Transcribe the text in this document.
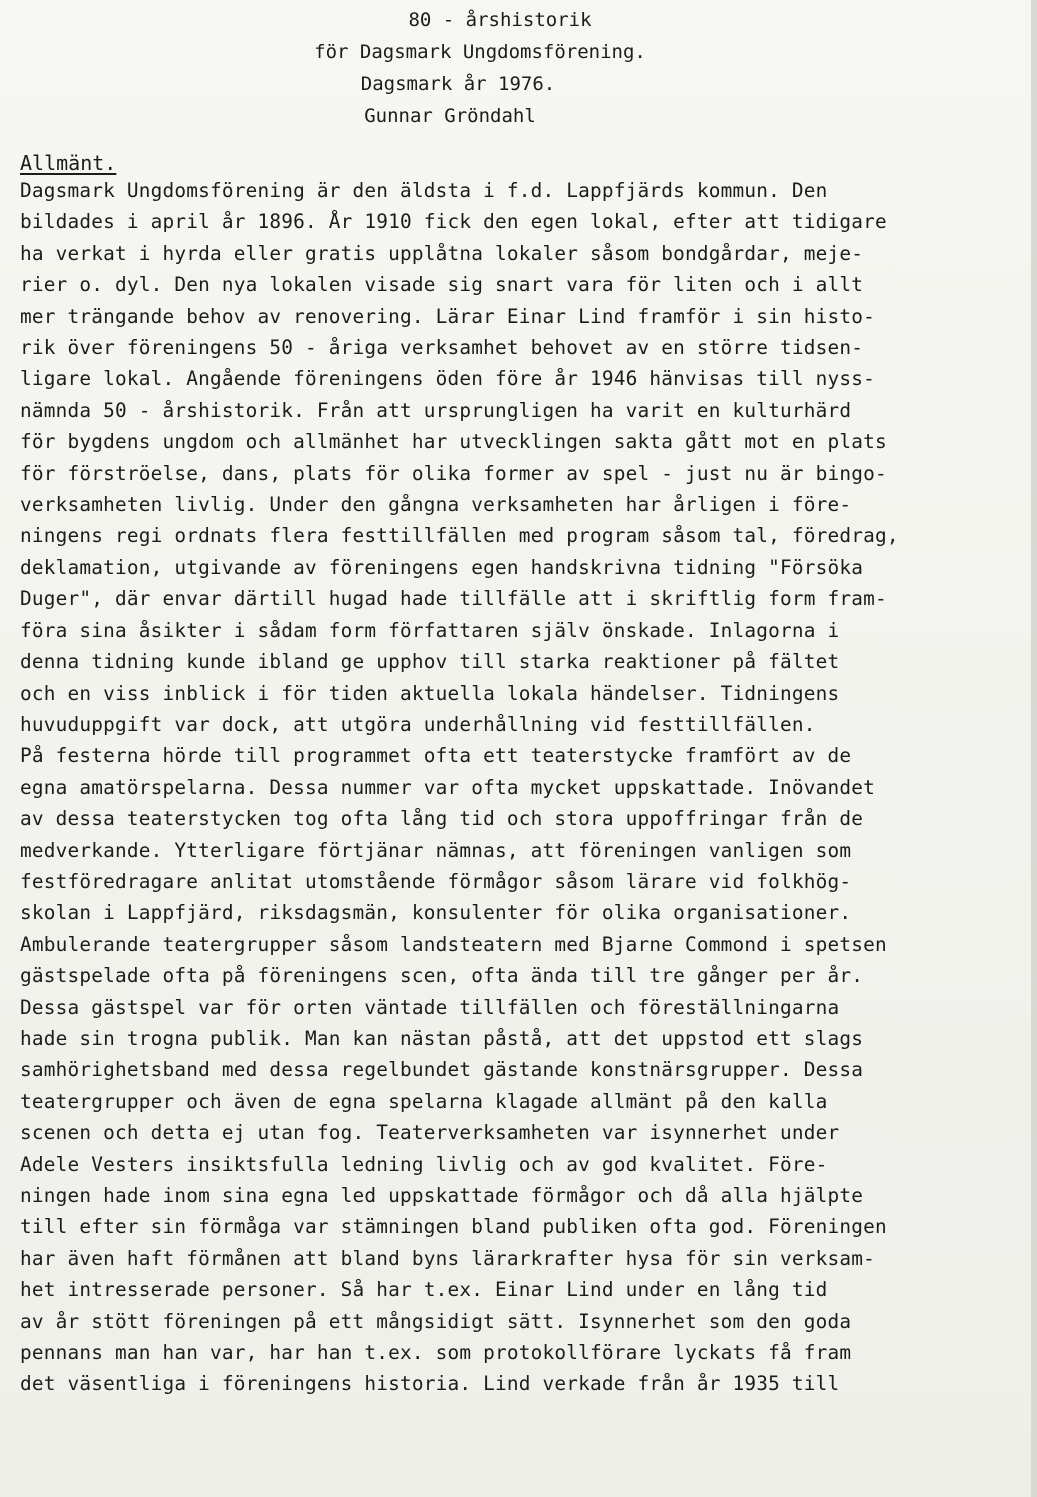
80 - årshistorik
för Dagsmark Ungdomsförening.
Dagsmark år 1976.
Gunnar Gröndahl
Allmänt.
Dagsmark Ungdomsförening är den äldsta i f.d. Lappfjärds kommun. Den
bildades i april år 1896. År 1910 fick den egen lokal, efter att tidigare
ha verkat i hyrda eller gratis upplåtna lokaler såsom bondgårdar, meje-
rier o. dyl. Den nya lokalen visade sig snart vara för liten och i allt
mer trängande behov av renovering. Lärar Einar Lind framför i sin histo-
rik över föreningens 50 - åriga verksamhet behovet av en större tidsen-
ligare lokal. Angående föreningens öden före år 1946 hänvisas till nyss-
nämnda 50 - årshistorik. Från att ursprungligen ha varit en kulturhärd
för bygdens ungdom och allmänhet har utvecklingen sakta gått mot en plats
för förströelse, dans, plats för olika former av spel - just nu är bingo-
verksamheten livlig. Under den gångna verksamheten har årligen i före-
ningens regi ordnats flera festtillfällen med program såsom tal, föredrag,
deklamation, utgivande av föreningens egen handskrivna tidning "Försöka
Duger", där envar därtill hugad hade tillfälle att i skriftlig form fram-
föra sina åsikter i sådam form författaren själv önskade. Inlagorna i
denna tidning kunde ibland ge upphov till starka reaktioner på fältet
och en viss inblick i för tiden aktuella lokala händelser. Tidningens
huvuduppgift var dock, att utgöra underhållning vid festtillfällen.
På festerna hörde till programmet ofta ett teaterstycke framfört av de
egna amatörspelarna. Dessa nummer var ofta mycket uppskattade. Inövandet
av dessa teaterstycken tog ofta lång tid och stora uppoffringar från de
medverkande. Ytterligare förtjänar nämnas, att föreningen vanligen som
festföredragare anlitat utomstående förmågor såsom lärare vid folkhög-
skolan i Lappfjärd, riksdagsmän, konsulenter för olika organisationer.
Ambulerande teatergrupper såsom landsteatern med Bjarne Commond i spetsen
gästspelade ofta på föreningens scen, ofta ända till tre gånger per år.
Dessa gästspel var för orten väntade tillfällen och föreställningarna
hade sin trogna publik. Man kan nästan påstå, att det uppstod ett slags
samhörighetsband med dessa regelbundet gästande konstnärsgrupper. Dessa
teatergrupper och även de egna spelarna klagade allmänt på den kalla
scenen och detta ej utan fog. Teaterverksamheten var isynnerhet under
Adele Vesters insiktsfulla ledning livlig och av god kvalitet. Före-
ningen hade inom sina egna led uppskattade förmågor och då alla hjälpte
till efter sin förmåga var stämningen bland publiken ofta god. Föreningen
har även haft förmånen att bland byns lärarkrafter hysa för sin verksam-
het intresserade personer. Så har t.ex. Einar Lind under en lång tid
av år stött föreningen på ett mångsidigt sätt. Isynnerhet som den goda
pennans man han var, har han t.ex. som protokollförare lyckats få fram
det väsentliga i föreningens historia. Lind verkade från år 1935 till
